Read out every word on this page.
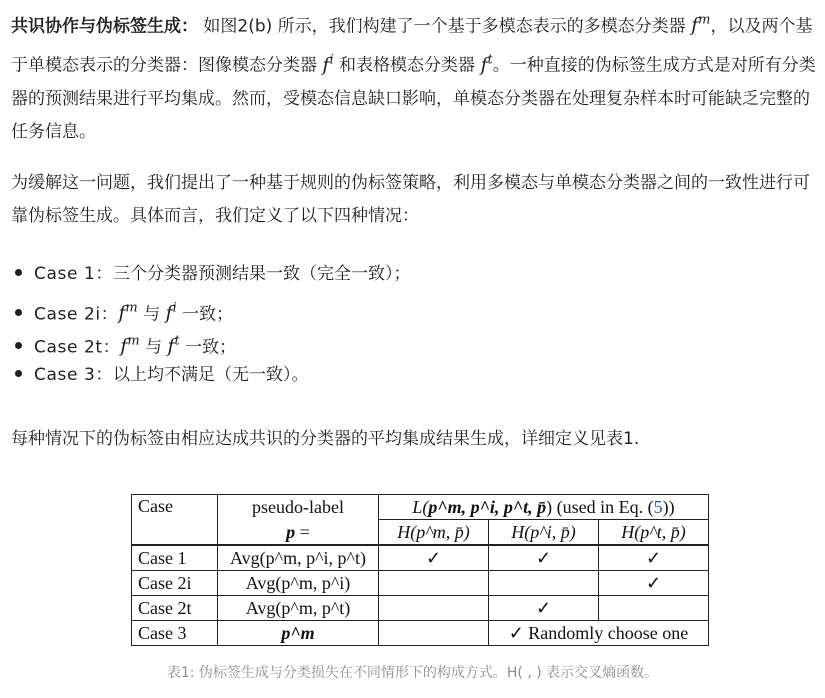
共识协作与伪标签生成： 如图2(b) 所示，我们构建了一个基于多模态表示的多模态分类器 $f^m$，以及两个基于单模态表示的分类器：图像模态分类器 $f^i$ 和表格模态分类器 $f^t$。一种直接的伪标签生成方式是对所有分类器的预测结果进行平均集成。然而，受模态信息缺口影响，单模态分类器在处理复杂样本时可能缺乏完整的任务信息。
为缓解这一问题，我们提出了一种基于规则的伪标签策略，利用多模态与单模态分类器之间的一致性进行可靠伪标签生成。具体而言，我们定义了以下四种情况：
Case 1：三个分类器预测结果一致（完全一致）；
Case 2i：$f^m$ 与 $f^i$ 一致；
Case 2t：$f^m$ 与 $f^t$ 一致；
Case 3：以上均不满足（无一致）。
每种情况下的伪标签由相应达成共识的分类器的平均集成结果生成，详细定义见表1.
Case	pseudo-label	L(p^m, p^i, p^t, p̄) (used in Eq. (5))		
	p =	H(p^m, p̄)	H(p^i, p̄)	H(p^t, p̄)
Case 1	Avg(p^m, p^i, p^t)	✓	✓	✓
Case 2i	Avg(p^m, p^i)			✓
Case 2t	Avg(p^m, p^t)		✓	
Case 3	p^m		✓ Randomly choose one	
表1: 伪标签生成与分类损失在不同情形下的构成方式。H( , ) 表示交叉熵函数。
